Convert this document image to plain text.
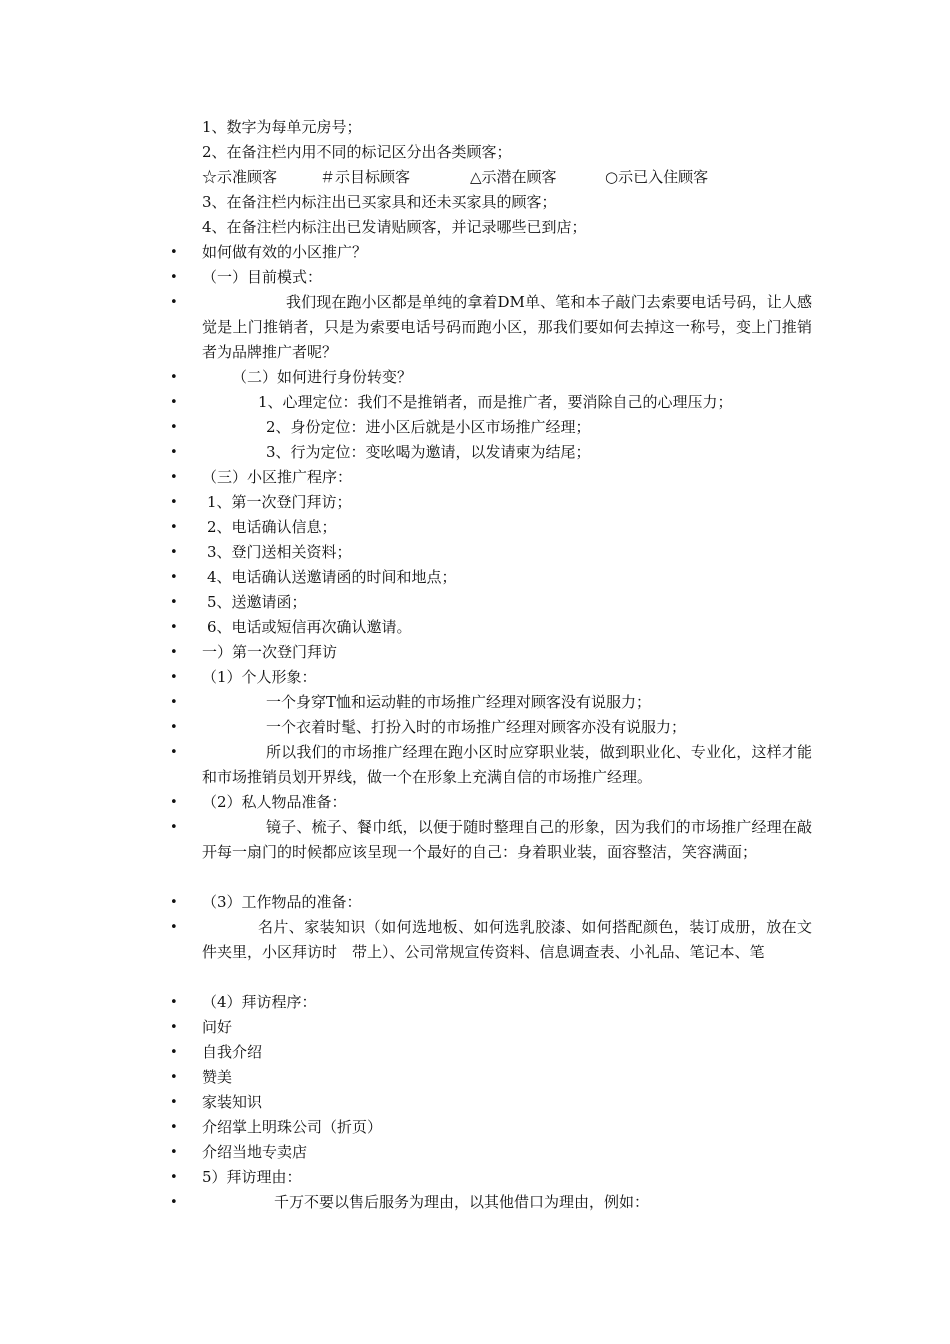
1、数字为每单元房号；
2、在备注栏内用不同的标记区分出各类顾客；
☆示准顾客	＃示目标顾客	△示潜在顾客	○示已入住顾客
3、在备注栏内标注出已买家具和还未买家具的顾客；
4、在备注栏内标注出已发请贴顾客，并记录哪些已到店；
• 如何做有效的小区推广？
• （一）目前模式：
•	我们现在跑小区都是单纯的拿着DM单、笔和本子敲门去索要电话号码，让人感觉是上门推销者，只是为索要电话号码而跑小区，那我们要如何去掉这一称号，变上门推销者为品牌推广者呢？
•	（二）如何进行身份转变？
•	1、心理定位：我们不是推销者，而是推广者，要消除自己的心理压力；
•	2、身份定位：进小区后就是小区市场推广经理；
•	3、行为定位：变吆喝为邀请，以发请柬为结尾；
• （三）小区推广程序：
• 1、第一次登门拜访；
• 2、电话确认信息；
• 3、登门送相关资料；
• 4、电话确认送邀请函的时间和地点；
• 5、送邀请函；
• 6、电话或短信再次确认邀请。
• 一）第一次登门拜访
• （1）个人形象：
•	一个身穿T恤和运动鞋的市场推广经理对顾客没有说服力；
•	一个衣着时髦、打扮入时的市场推广经理对顾客亦没有说服力；
•	所以我们的市场推广经理在跑小区时应穿职业装，做到职业化、专业化，这样才能和市场推销员划开界线，做一个在形象上充满自信的市场推广经理。
• （2）私人物品准备：
•	镜子、梳子、餐巾纸，以便于随时整理自己的形象，因为我们的市场推广经理在敲开每一扇门的时候都应该呈现一个最好的自己：身着职业装，面容整洁，笑容满面；
• （3）工作物品的准备：
•	名片、家装知识（如何选地板、如何选乳胶漆、如何搭配颜色，装订成册，放在文件夹里，小区拜访时　带上）、公司常规宣传资料、信息调查表、小礼品、笔记本、笔
• （4）拜访程序：
• 问好
• 自我介绍
• 赞美
• 家装知识
• 介绍掌上明珠公司（折页）
• 介绍当地专卖店
• 5）拜访理由：
•	千万不要以售后服务为理由，以其他借口为理由，例如：
